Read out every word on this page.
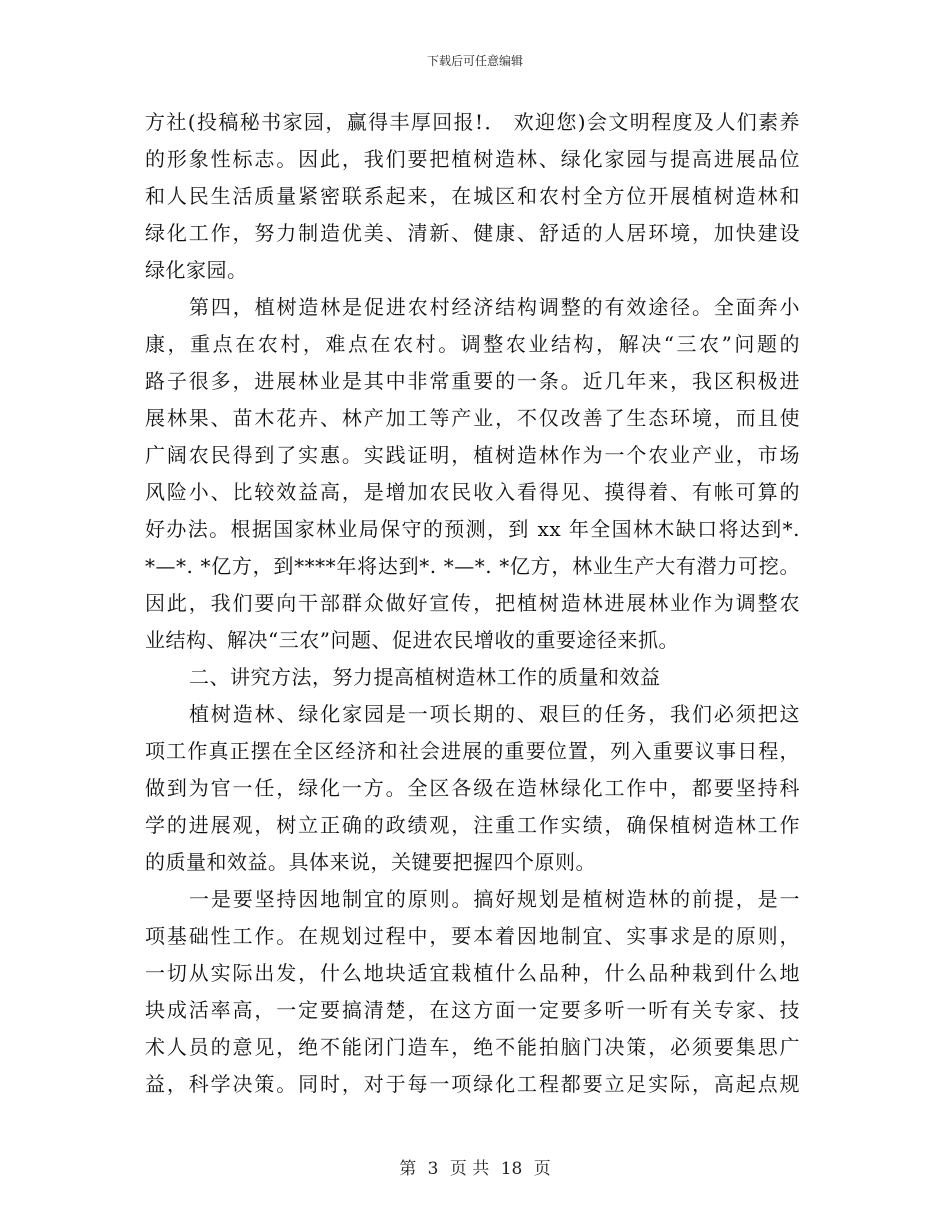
下载后可任意编辑
方社(投稿秘书家园，赢得丰厚回报!． 欢迎您)会文明程度及人们素养
的形象性标志。因此，我们要把植树造林、绿化家园与提高进展品位
和人民生活质量紧密联系起来，在城区和农村全方位开展植树造林和
绿化工作，努力制造优美、清新、健康、舒适的人居环境，加快建设
绿化家园。
第四，植树造林是促进农村经济结构调整的有效途径。全面奔小
康，重点在农村，难点在农村。调整农业结构，解决“三农”问题的
路子很多，进展林业是其中非常重要的一条。近几年来，我区积极进
展林果、苗木花卉、林产加工等产业，不仅改善了生态环境，而且使
广阔农民得到了实惠。实践证明，植树造林作为一个农业产业，市场
风险小、比较效益高，是增加农民收入看得见、摸得着、有帐可算的
好办法。根据国家林业局保守的预测，到 xx 年全国林木缺口将达到*.
*—*. *亿方，到****年将达到*. *—*. *亿方，林业生产大有潜力可挖。
因此，我们要向干部群众做好宣传，把植树造林进展林业作为调整农
业结构、解决“三农”问题、促进农民增收的重要途径来抓。
二、讲究方法，努力提高植树造林工作的质量和效益
植树造林、绿化家园是一项长期的、艰巨的任务，我们必须把这
项工作真正摆在全区经济和社会进展的重要位置，列入重要议事日程，
做到为官一任，绿化一方。全区各级在造林绿化工作中，都要坚持科
学的进展观，树立正确的政绩观，注重工作实绩，确保植树造林工作
的质量和效益。具体来说，关键要把握四个原则。
一是要坚持因地制宜的原则。搞好规划是植树造林的前提，是一
项基础性工作。在规划过程中，要本着因地制宜、实事求是的原则，
一切从实际出发，什么地块适宜栽植什么品种，什么品种栽到什么地
块成活率高，一定要搞清楚，在这方面一定要多听一听有关专家、技
术人员的意见，绝不能闭门造车，绝不能拍脑门决策，必须要集思广
益，科学决策。同时，对于每一项绿化工程都要立足实际，高起点规
第 3 页 共 18 页
